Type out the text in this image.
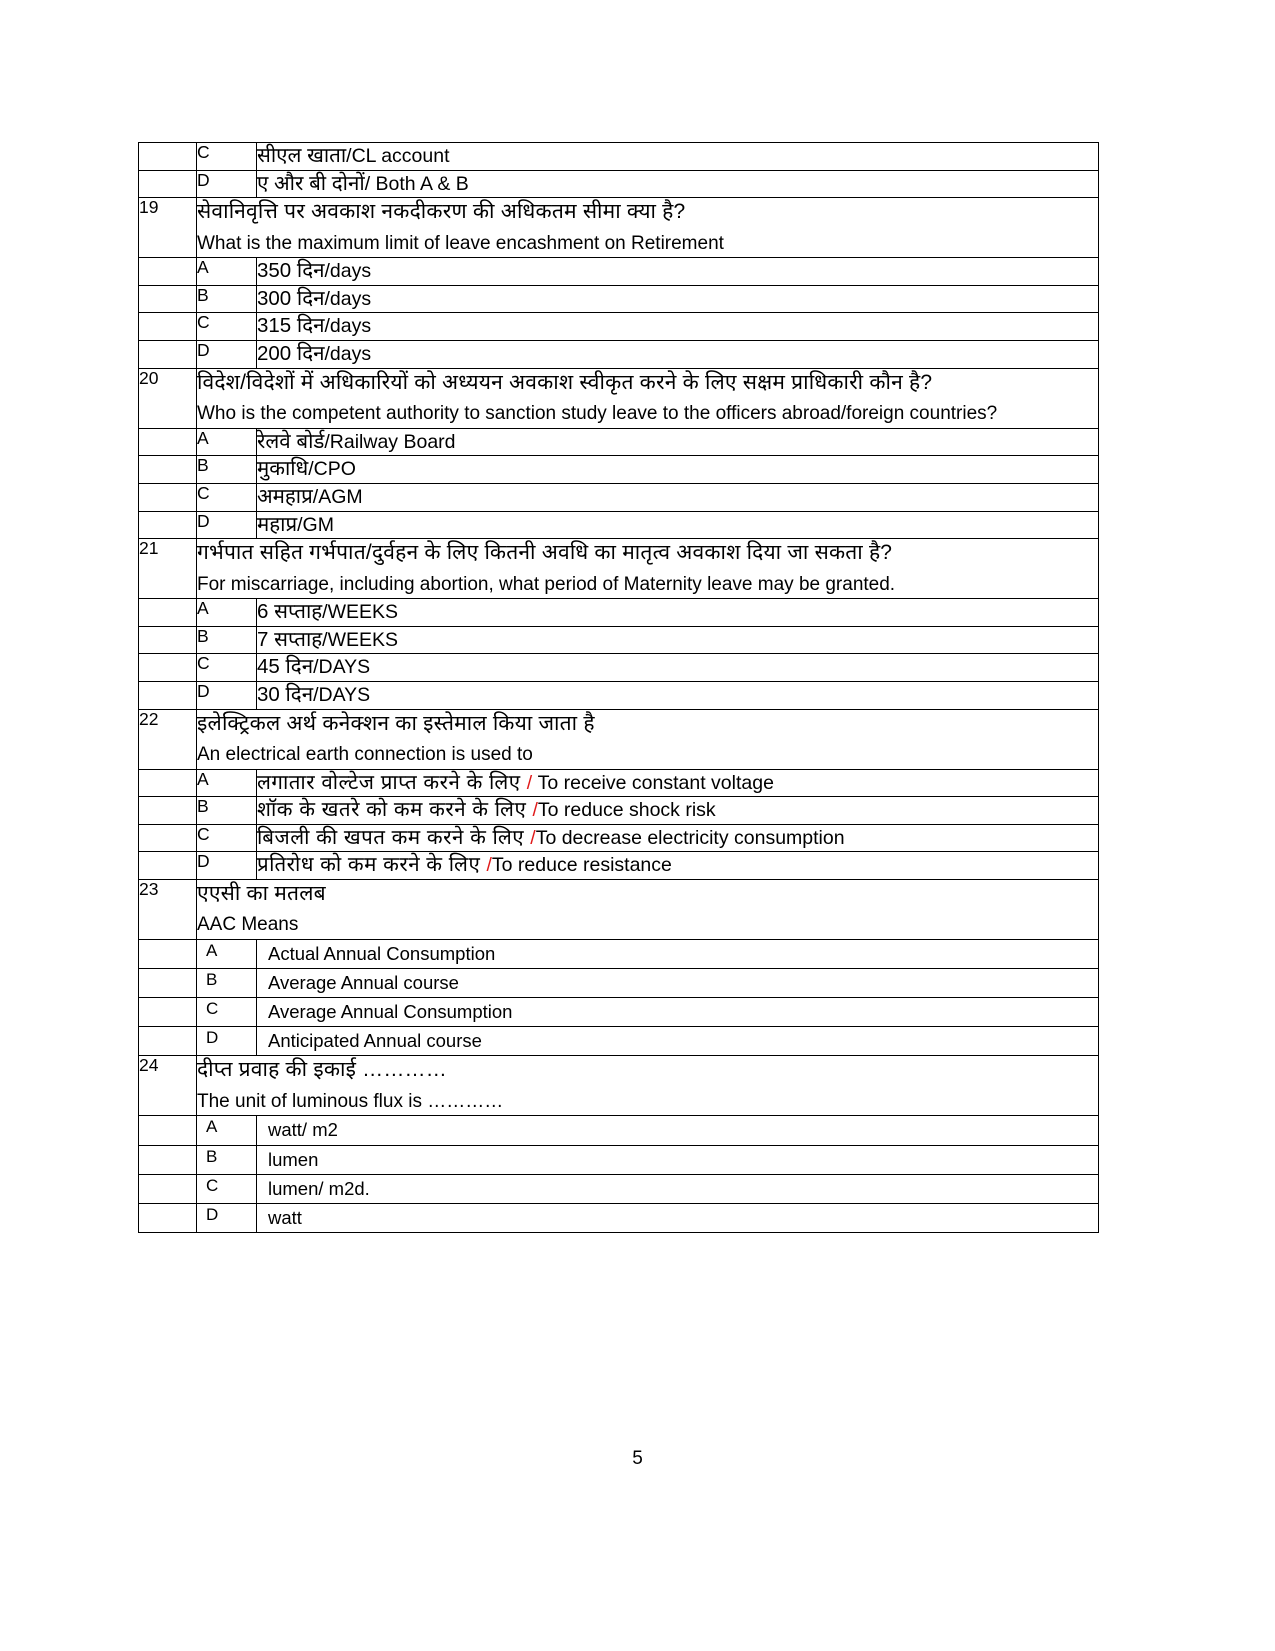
	C	सीएल खाता/CL account
	D	ए और बी दोनों/ Both A & B
19	सेवानिवृत्ति पर अवकाश नकदीकरण की अधिकतम सीमा क्या है?
What is the maximum limit of leave encashment on Retirement	

	A	350 दिन/days
	B	300 दिन/days
	C	315 दिन/days
	D	200 दिन/days
20	विदेश/विदेशों में अधिकारियों को अध्ययन अवकाश स्वीकृत करने के लिए सक्षम प्राधिकारी कौन है?
Who is the competent authority to sanction study leave to the officers abroad/foreign countries?	

	A	रेलवे बोर्ड/Railway Board
	B	मुकाधि/CPO
	C	अमहाप्र/AGM
	D	महाप्र/GM
21	गर्भपात सहित गर्भपात/दुर्वहन के लिए कितनी अवधि का मातृत्व अवकाश दिया जा सकता है?
For miscarriage, including abortion, what period of Maternity leave may be granted.	

	A	6 सप्ताह/WEEKS
	B	7 सप्ताह/WEEKS
	C	45 दिन/DAYS
	D	30 दिन/DAYS
22	इलेक्ट्रिकल अर्थ कनेक्शन का इस्तेमाल किया जाता है
An electrical earth connection is used to	

	A	लगातार वोल्टेज प्राप्त करने के लिए / To receive constant voltage
	B	शॉक के खतरे को कम करने के लिए /To reduce shock risk
	C	बिजली की खपत कम करने के लिए /To decrease electricity consumption
	D	प्रतिरोध को कम करने के लिए /To reduce resistance
23	एएसी का मतलब
AAC Means	

	A	Actual Annual Consumption
	B	Average Annual course
	C	Average Annual Consumption
	D	Anticipated Annual course
24	दीप्त प्रवाह की इकाई …………
The unit of luminous flux is …………	

	A	watt/ m2
	B	lumen
	C	lumen/ m2d.
	D	watt
5
